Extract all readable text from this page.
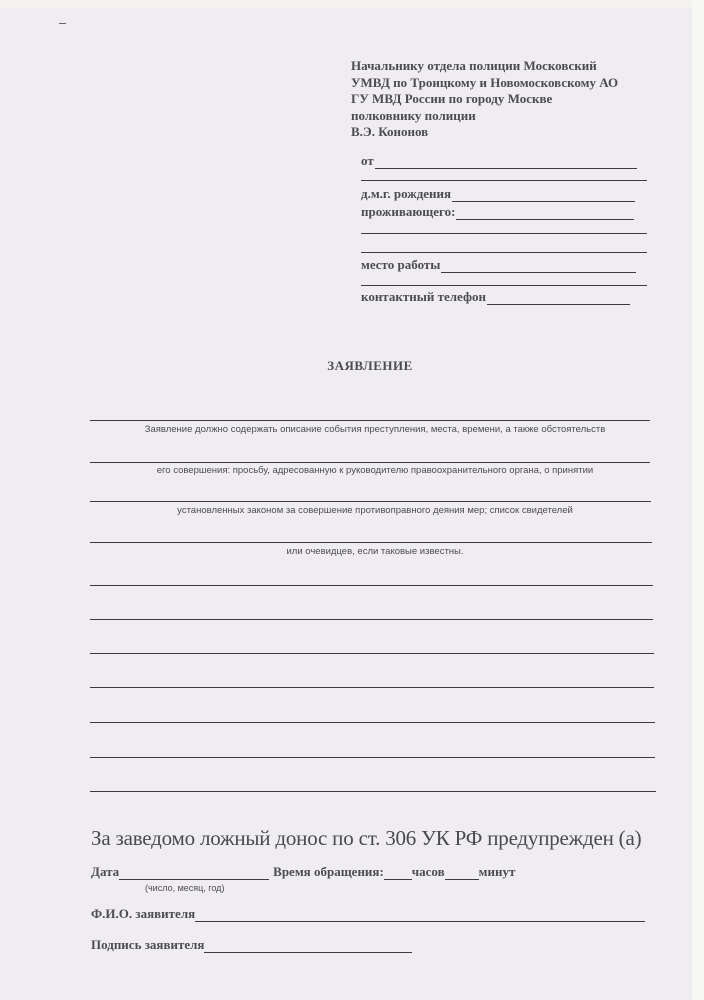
Начальнику отдела полиции Московский
УМВД по Троицкому и Новомосковскому АО
ГУ МВД России по городу Москве
полковнику полиции
В.Э. Кононов
от
д.м.г. рождения
проживающего:
место работы
контактный телефон
ЗАЯВЛЕНИЕ
Заявление должно содержать описание события преступления, места, времени, а также обстоятельств
его совершения: просьбу, адресованную к руководителю правоохранительного органа, о принятии
установленных законом за совершение противоправного деяния мер; список свидетелей
или очевидцев, если таковые известны.
За заведомо ложный донос по ст. 306 УК РФ предупрежден (а)
Дата	Время обращения: часов	минут
(число, месяц, год)
Ф.И.О. заявителя
Подпись заявителя
